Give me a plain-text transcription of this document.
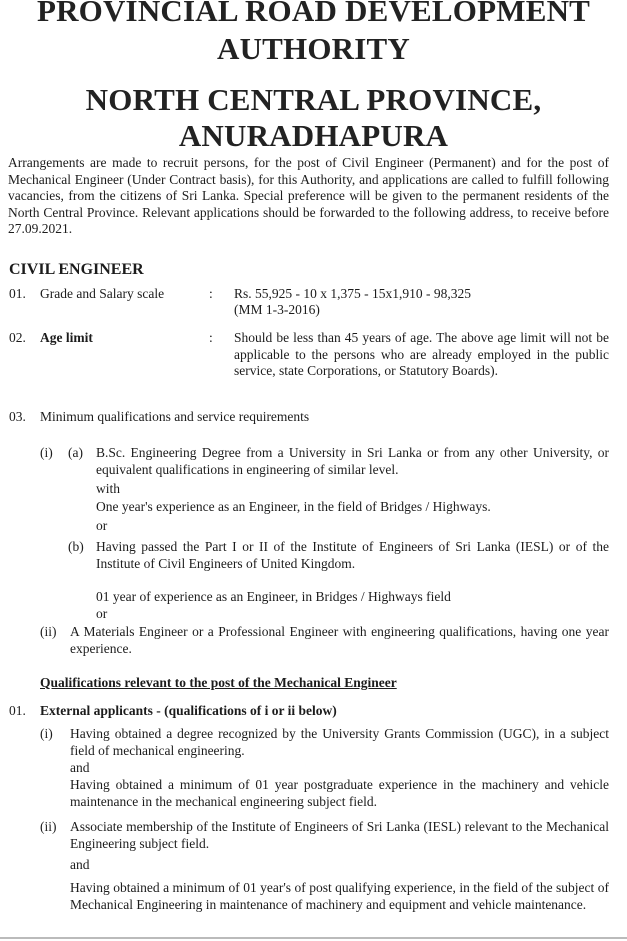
PROVINCIAL ROAD DEVELOPMENT
AUTHORITY
NORTH CENTRAL PROVINCE,
ANURADHAPURA

Arrangements are made to recruit persons, for the post of Civil Engineer (Permanent) and for the post of Mechanical Engineer (Under Contract basis), for this Authority, and applications are called to fulfill following vacancies, from the citizens of Sri Lanka. Special preference will be given to the permanent residents of the North Central Province. Relevant applications should be forwarded to the following address, to receive before 27.09.2021.

CIVIL ENGINEER
01. Grade and Salary scale	: Rs. 55,925 - 10 x 1,375 - 15x1,910 - 98,325
(MM 1-3-2016)
02. Age limit	: Should be less than 45 years of age. The above age limit will not be applicable to the persons who are already employed in the public service, state Corporations, or Statutory Boards).
03. Minimum qualifications and service requirements
(i) (a) B.Sc. Engineering Degree from a University in Sri Lanka or from any other University, or equivalent qualifications in engineering of similar level.
with
One year's experience as an Engineer, in the field of Bridges / Highways.
or
(b) Having passed the Part I or II of the Institute of Engineers of Sri Lanka (IESL) or of the Institute of Civil Engineers of United Kingdom.
01 year of experience as an Engineer, in Bridges / Highways field
or
(ii) A Materials Engineer or a Professional Engineer with engineering qualifications, having one year experience.
Qualifications relevant to the post of the Mechanical Engineer
01. External applicants - (qualifications of i or ii below)
(i) Having obtained a degree recognized by the University Grants Commission (UGC), in a subject field of mechanical engineering.
and
Having obtained a minimum of 01 year postgraduate experience in the machinery and vehicle maintenance in the mechanical engineering subject field.
(ii) Associate membership of the Institute of Engineers of Sri Lanka (IESL) relevant to the Mechanical Engineering subject field.
and
Having obtained a minimum of 01 year's of post qualifying experience, in the field of the subject of Mechanical Engineering in maintenance of machinery and equipment and vehicle maintenance.
